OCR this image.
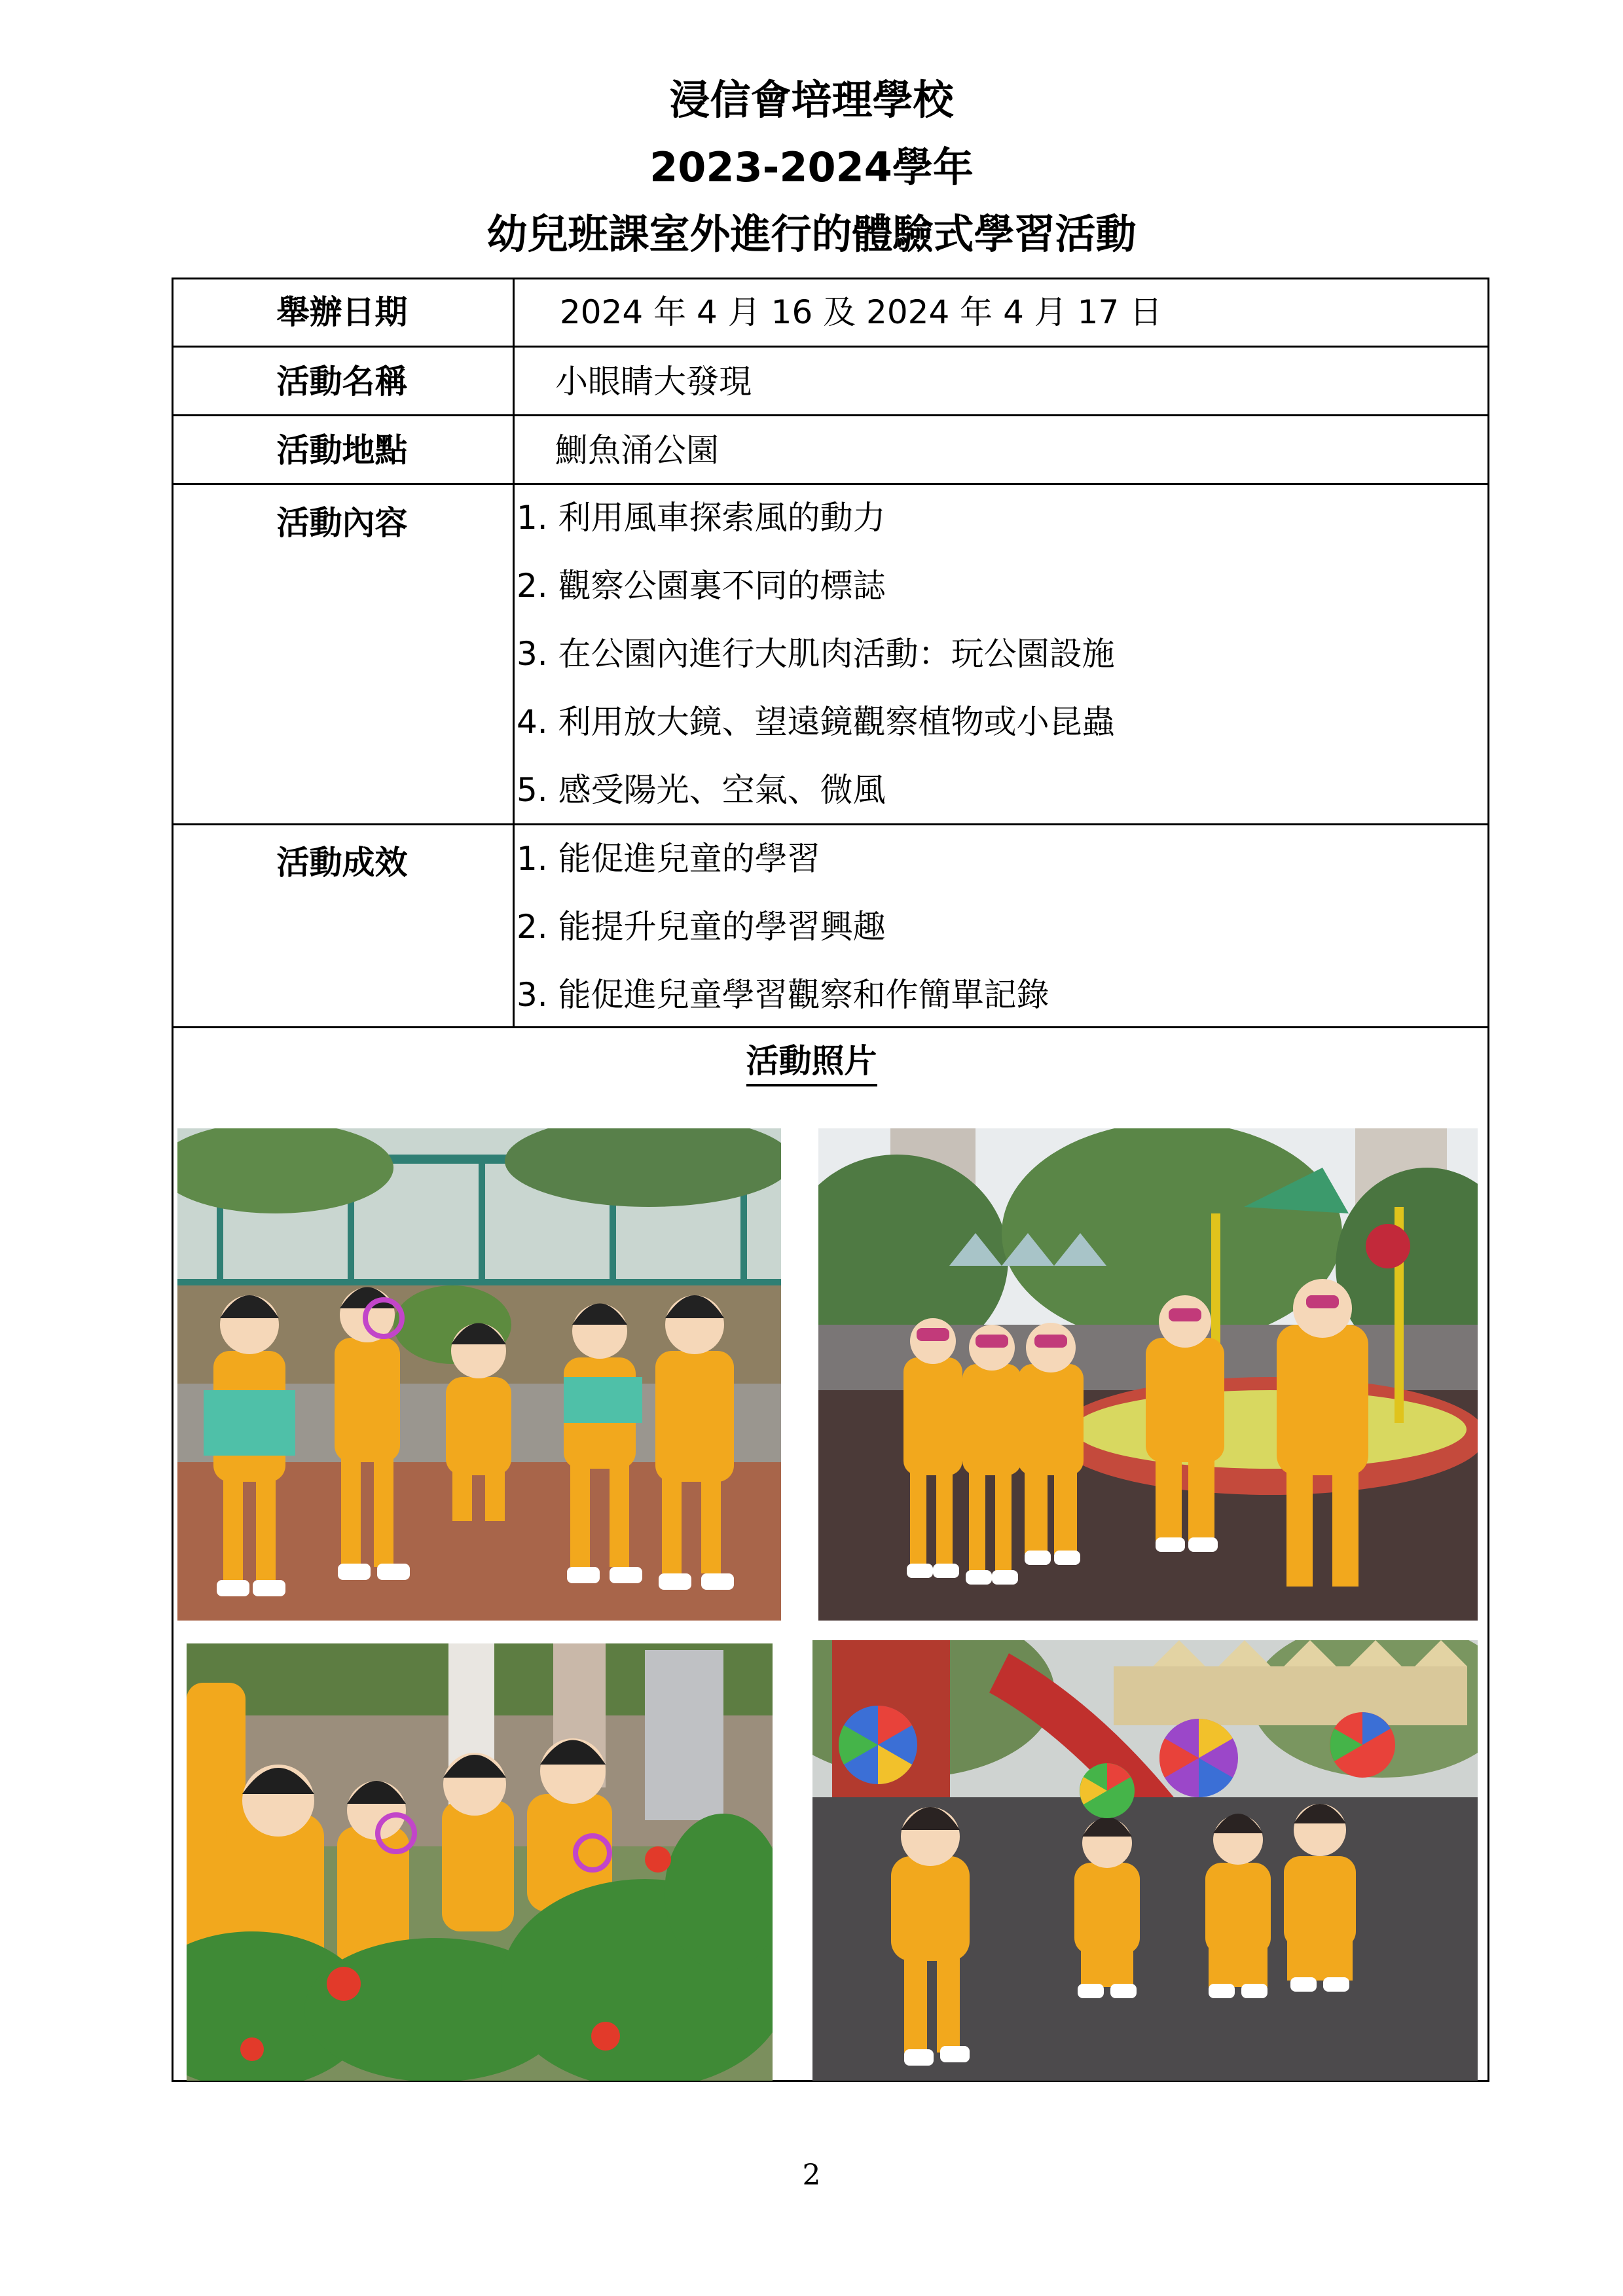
浸信會培理學校
2023-2024學年
幼兒班課室外進行的體驗式學習活動
舉辦日期	2024 年 4 月 16 及 2024 年 4 月 17 日
活動名稱	小眼睛大發現
活動地點	鰂魚涌公園
活動內容	1. 利用風車探索風的動力
2. 觀察公園裏不同的標誌
3. 在公園內進行大肌肉活動：玩公園設施
4. 利用放大鏡、望遠鏡觀察植物或小昆蟲
5. 感受陽光、空氣、微風
活動成效	1. 能促進兒童的學習
2. 能提升兒童的學習興趣
3. 能促進兒童學習觀察和作簡單記錄
活動照片
2
